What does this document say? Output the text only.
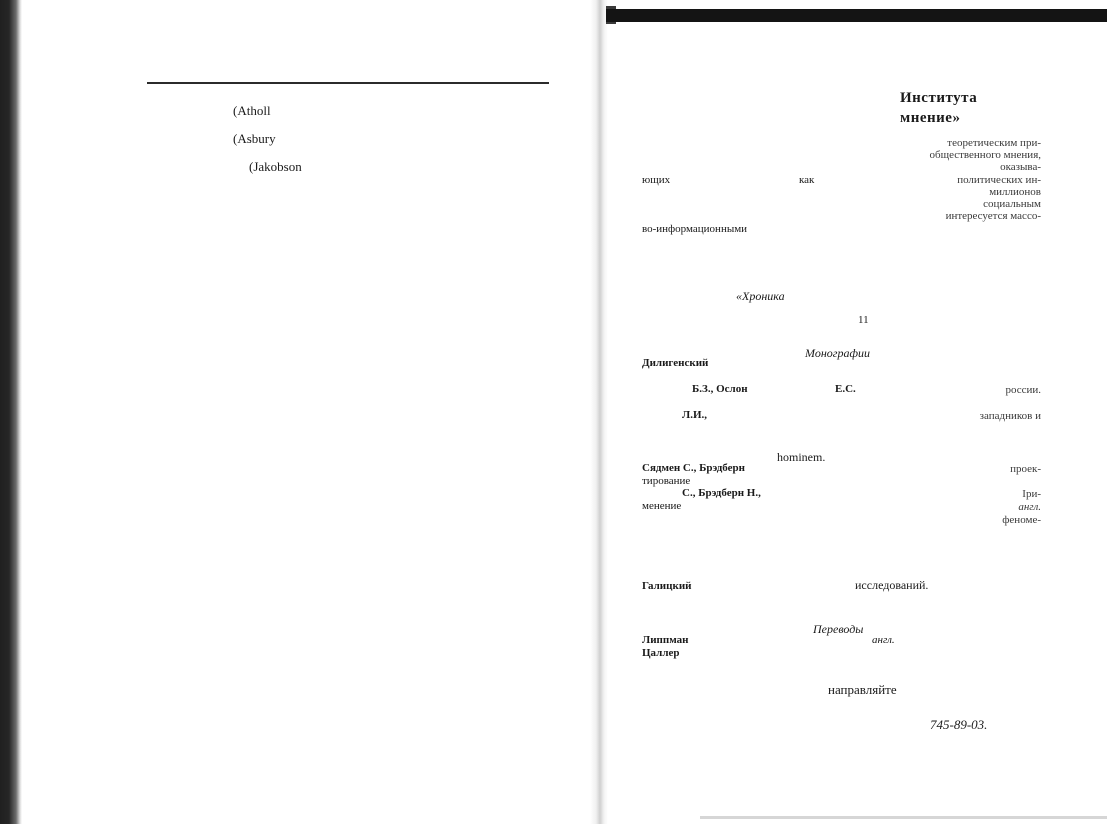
(Atholl
(Asbury
(Jakobson
Института
мнение»
теоретическим при-
общественного мнения,
оказыва-
ющих	как	политических ин-
миллионов
социальным
интересуется массо-
во-информационными
«Хроника
11
Монографии
Дилигенский
Б.З., Ослон	Е.С.	россии.
Л.И.,	западников и
hominem.
Сядмен С., Брэдберн	проек-
тирование
С., Брэдберн Н.,	Іри-
менение	англ.
феноме-
Галицкий	исследований.
Переводы
Липпман	англ.
Цаллер
направляйте
745-89-03.
